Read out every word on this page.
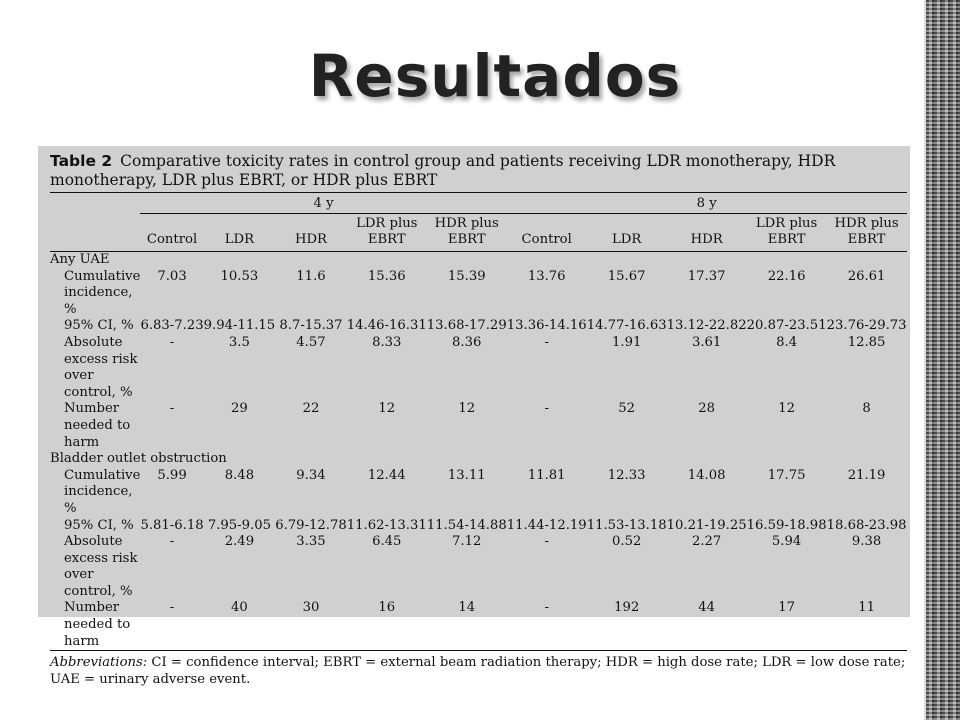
Resultados

Table 2 Comparative toxicity rates in control group and patients receiving LDR monotherapy, HDR monotherapy, LDR plus EBRT, or HDR plus EBRT

	4 y					8 y				
	Control	LDR	HDR	LDR plus EBRT	HDR plus EBRT	Control	LDR	HDR	LDR plus EBRT	HDR plus EBRT
Any UAE										
Cumulative incidence, %	7.03	10.53	11.6	15.36	15.39	13.76	15.67	17.37	22.16	26.61
95% CI, %	6.83-7.23	9.94-11.15	8.7-15.37	14.46-16.31	13.68-17.29	13.36-14.16	14.77-16.63	13.12-22.82	20.87-23.51	23.76-29.73
Absolute excess risk over control, %	-	3.5	4.57	8.33	8.36	-	1.91	3.61	8.4	12.85
Number needed to harm	-	29	22	12	12	-	52	28	12	8
Bladder outlet obstruction										
Cumulative incidence, %	5.99	8.48	9.34	12.44	13.11	11.81	12.33	14.08	17.75	21.19
95% CI, %	5.81-6.18	7.95-9.05	6.79-12.78	11.62-13.31	11.54-14.88	11.44-12.19	11.53-13.18	10.21-19.25	16.59-18.98	18.68-23.98
Absolute excess risk over control, %	-	2.49	3.35	6.45	7.12	-	0.52	2.27	5.94	9.38
Number needed to harm	-	40	30	16	14	-	192	44	17	11
Abbreviations: CI = confidence interval; EBRT = external beam radiation therapy; HDR = high dose rate; LDR = low dose rate; UAE = urinary adverse event.										
